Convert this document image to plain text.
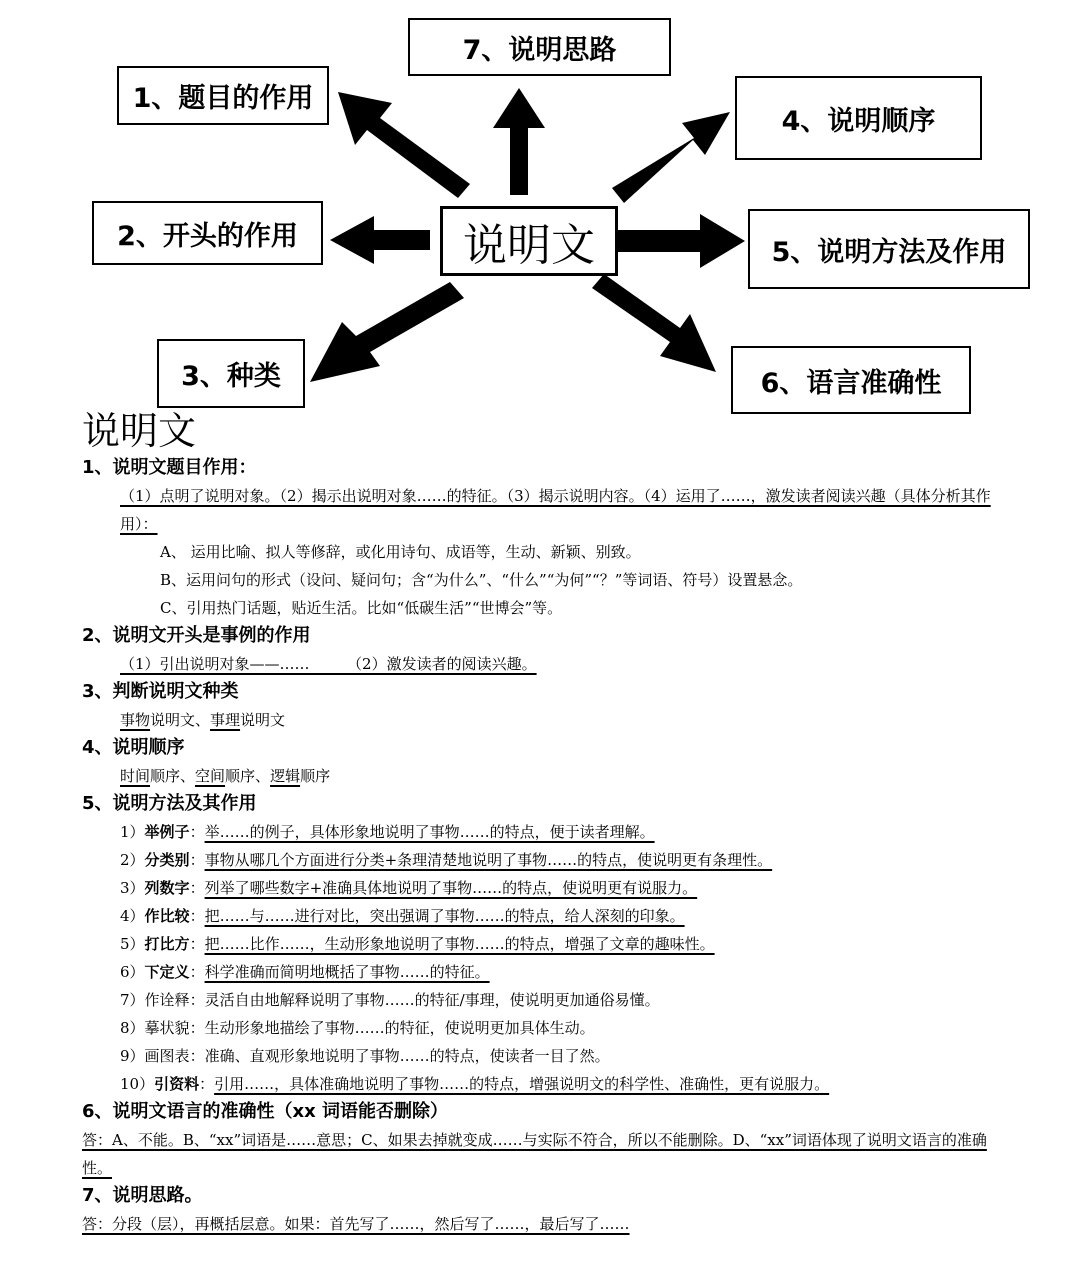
7、说明思路
1、题目的作用
4、说明顺序
2、开头的作用	说明文	5、说明方法及作用
3、种类	6、语言准确性
说明文
1、说明文题目作用：
（1）点明了说明对象。（2）揭示出说明对象……的特征。（3）揭示说明内容。（4）运用了……，激发读者阅读兴趣（具体分析其作用）：
A、 运用比喻、拟人等修辞，或化用诗句、成语等，生动、新颖、别致。
B、运用问句的形式（设问、疑问句；含“为什么”、“什么”“为何”“？”等词语、符号）设置悬念。
C、引用热门话题，贴近生活。比如“低碳生活”“世博会”等。
2、说明文开头是事例的作用
（1）引出说明对象——……　　　（2）激发读者的阅读兴趣。
3、判断说明文种类
事物说明文、事理说明文
4、说明顺序
时间顺序、空间顺序、逻辑顺序
5、说明方法及其作用
1）举例子：举……的例子，具体形象地说明了事物……的特点，便于读者理解。
2）分类别：事物从哪几个方面进行分类+条理清楚地说明了事物……的特点，使说明更有条理性。
3）列数字：列举了哪些数字+准确具体地说明了事物……的特点，使说明更有说服力。
4）作比较：把……与……进行对比，突出强调了事物……的特点，给人深刻的印象。
5）打比方：把……比作……，生动形象地说明了事物……的特点，增强了文章的趣味性。
6）下定义：科学准确而简明地概括了事物……的特征。
7）作诠释：灵活自由地解释说明了事物……的特征/事理，使说明更加通俗易懂。
8）摹状貌：生动形象地描绘了事物……的特征，使说明更加具体生动。
9）画图表：准确、直观形象地说明了事物……的特点，使读者一目了然。
10）引资料：引用……，具体准确地说明了事物……的特点，增强说明文的科学性、准确性，更有说服力。
6、说明文语言的准确性（xx 词语能否删除）
答：A、不能。B、“xx”词语是……意思；C、如果去掉就变成……与实际不符合，所以不能删除。D、“xx”词语体现了说明文语言的准确性。
7、说明思路。
答：分段（层），再概括层意。如果：首先写了……，然后写了……，最后写了……
